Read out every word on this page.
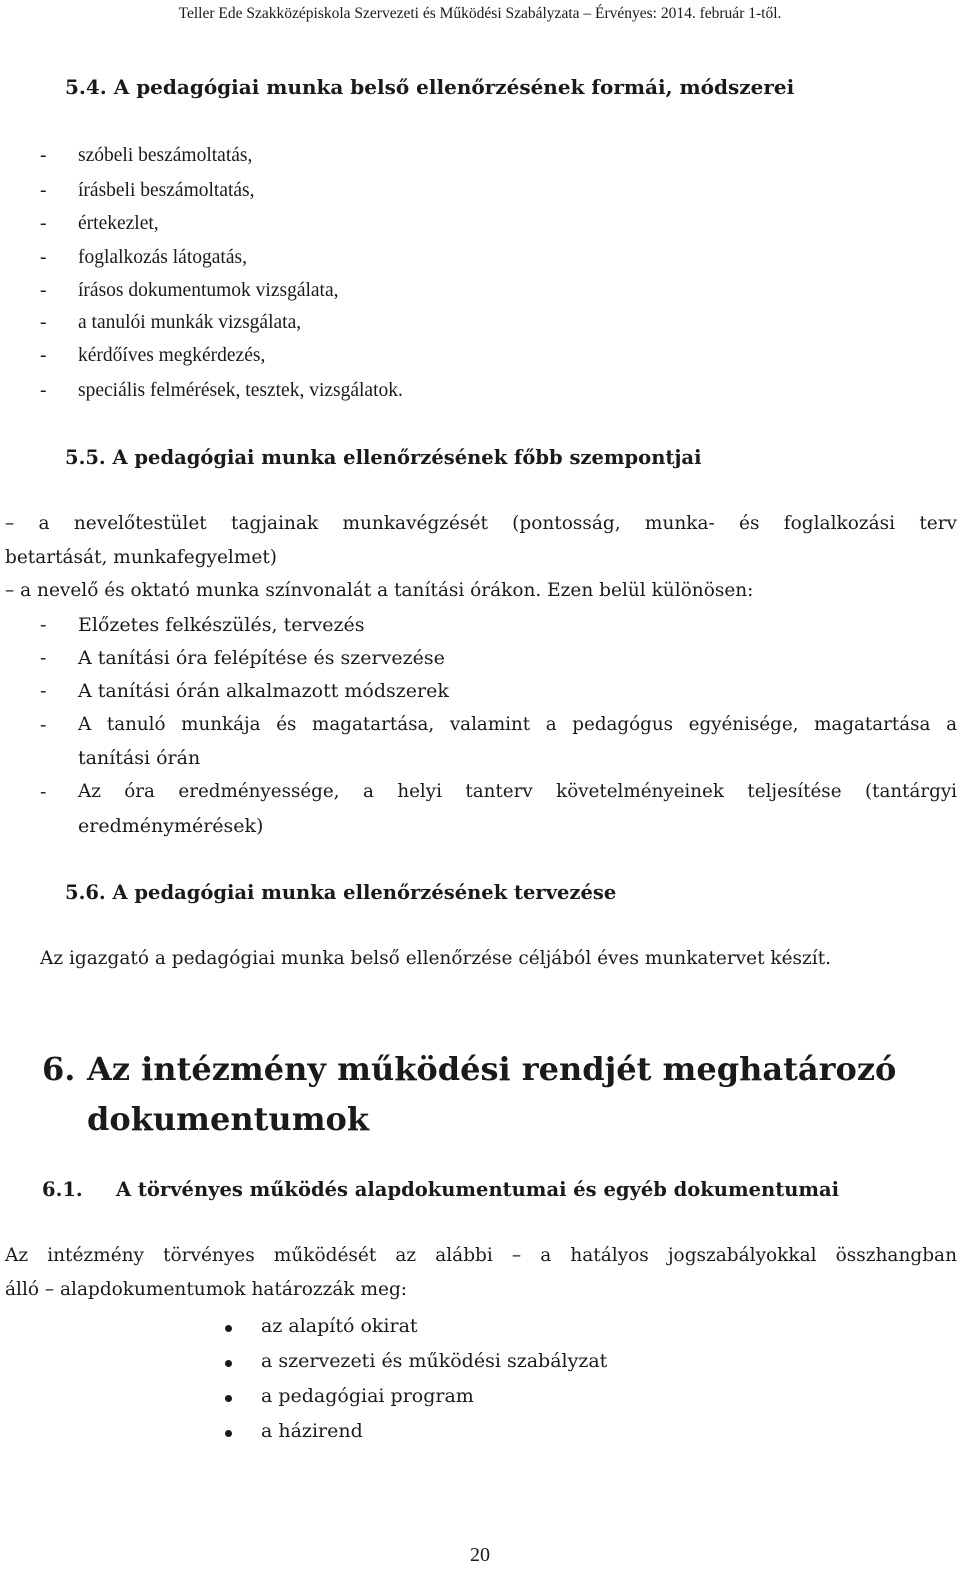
Teller Ede Szakközépiskola Szervezeti és Működési Szabályzata – Érvényes: 2014. február 1-től.
5.4. A pedagógiai munka belső ellenőrzésének formái, módszerei
- szóbeli beszámoltatás,
- írásbeli beszámoltatás,
- értekezlet,
- foglalkozás látogatás,
- írásos dokumentumok vizsgálata,
- a tanulói munkák vizsgálata,
- kérdőíves megkérdezés,
- speciális felmérések, tesztek, vizsgálatok.
5.5. A pedagógiai munka ellenőrzésének főbb szempontjai
– a nevelőtestület tagjainak munkavégzését (pontosság, munka- és foglalkozási terv
betartását, munkafegyelmet)
– a nevelő és oktató munka színvonalát a tanítási órákon. Ezen belül különösen:
- Előzetes felkészülés, tervezés
- A tanítási óra felépítése és szervezése
- A tanítási órán alkalmazott módszerek
- A tanuló munkája és magatartása, valamint a pedagógus egyénisége, magatartása a
tanítási órán
- Az óra eredményessége, a helyi tanterv követelményeinek teljesítése (tantárgyi
eredménymérések)
5.6. A pedagógiai munka ellenőrzésének tervezése
Az igazgató a pedagógiai munka belső ellenőrzése céljából éves munkatervet készít.
6. Az intézmény működési rendjét meghatározó
dokumentumok
6.1. A törvényes működés alapdokumentumai és egyéb dokumentumai
Az intézmény törvényes működését az alábbi – a hatályos jogszabályokkal összhangban
álló – alapdokumentumok határozzák meg:
az alapító okirat
a szervezeti és működési szabályzat
a pedagógiai program
a házirend
20
